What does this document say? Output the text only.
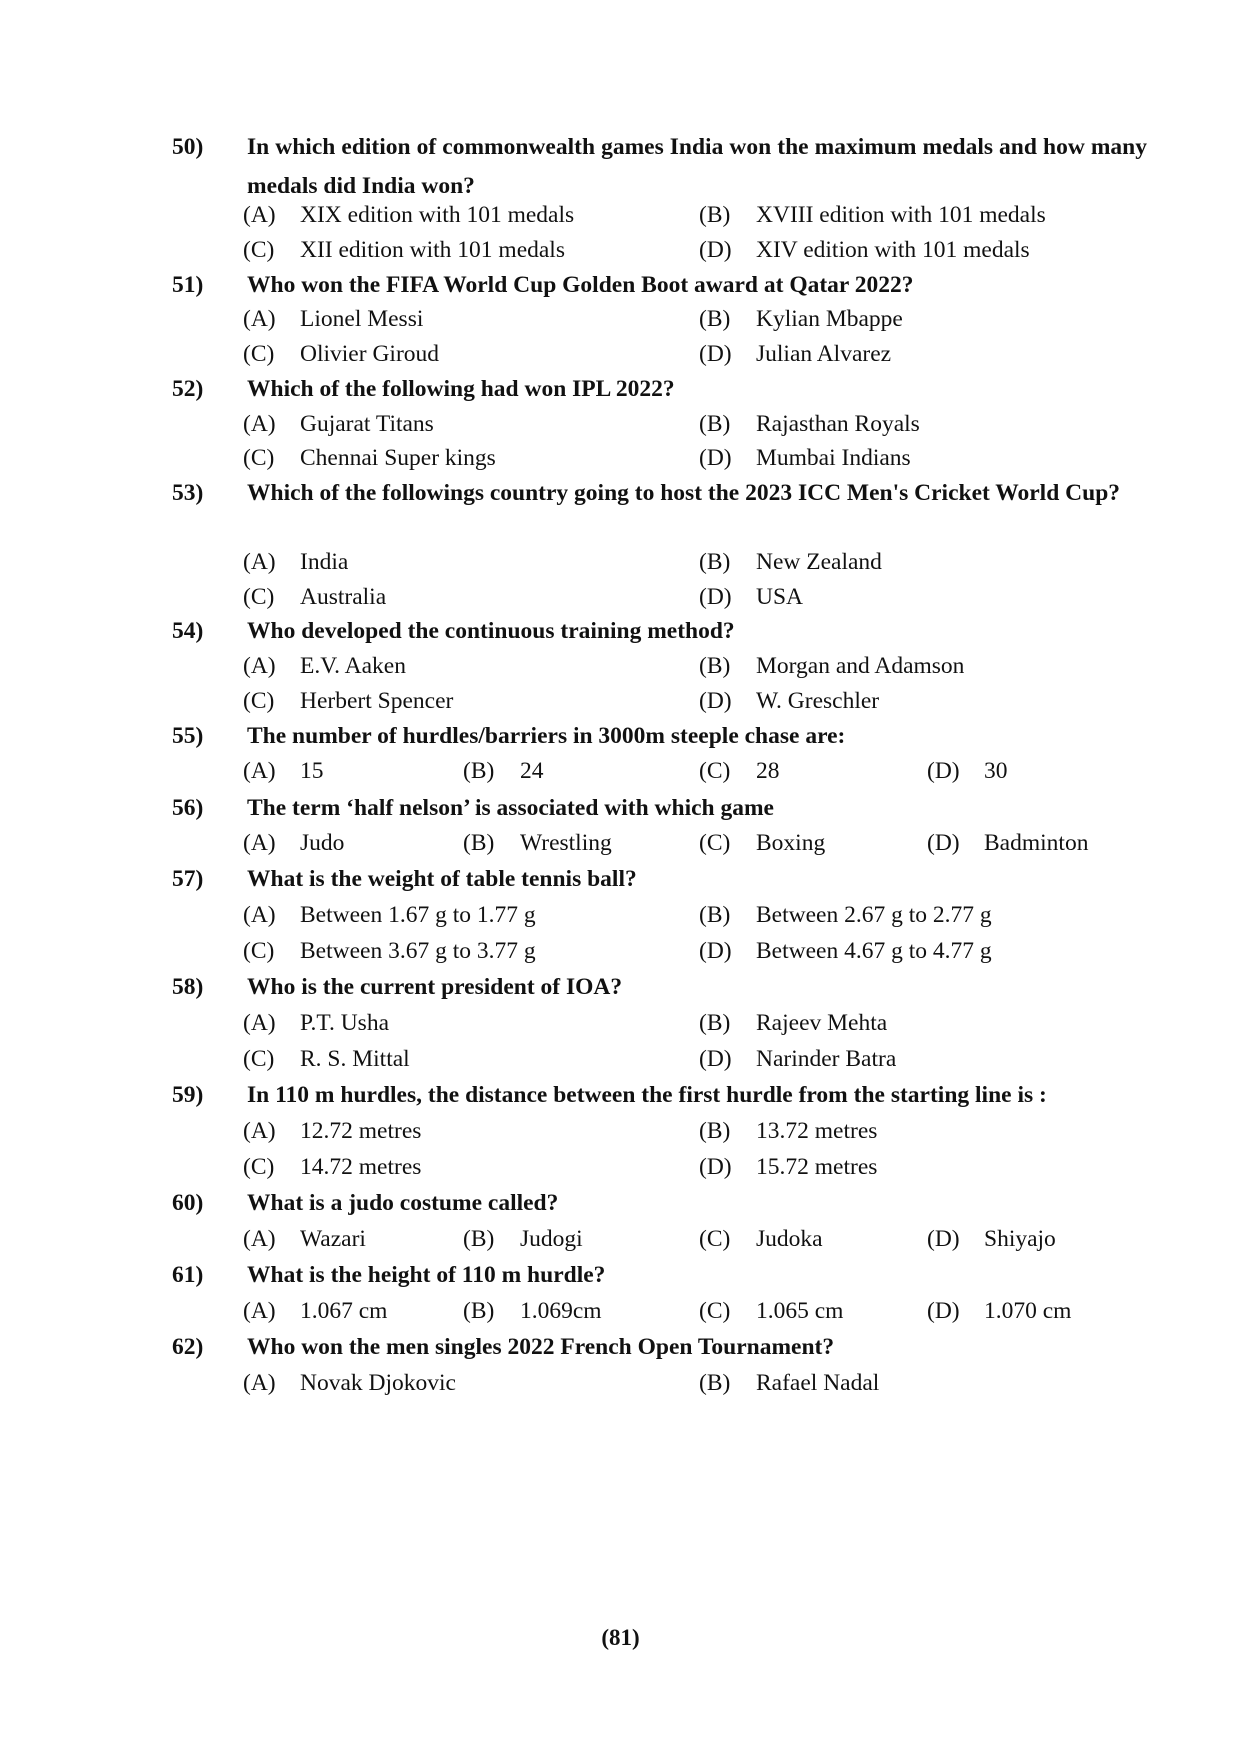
50) In which edition of commonwealth games India won the maximum medals and how many medals did India won?
(A) XIX edition with 101 medals	(B) XVIII edition with 101 medals
(C) XII edition with 101 medals	(D) XIV edition with 101 medals
51) Who won the FIFA World Cup Golden Boot award at Qatar 2022?
(A) Lionel Messi	(B) Kylian Mbappe
(C) Olivier Giroud	(D) Julian Alvarez
52) Which of the following had won IPL 2022?
(A) Gujarat Titans	(B) Rajasthan Royals
(C) Chennai Super kings	(D) Mumbai Indians
53) Which of the followings country going to host the 2023 ICC Men's Cricket World Cup?
(A) India	(B) New Zealand
(C) Australia	(D) USA
54) Who developed the continuous training method?
(A) E.V. Aaken	(B) Morgan and Adamson
(C) Herbert Spencer	(D) W. Greschler
55) The number of hurdles/barriers in 3000m steeple chase are:
(A) 15	(B) 24	(C) 28	(D) 30
56) The term ‘half nelson’ is associated with which game
(A) Judo	(B) Wrestling	(C) Boxing	(D) Badminton
57) What is the weight of table tennis ball?
(A) Between 1.67 g to 1.77 g	(B) Between 2.67 g to 2.77 g
(C) Between 3.67 g to 3.77 g	(D) Between 4.67 g to 4.77 g
58) Who is the current president of IOA?
(A) P.T. Usha	(B) Rajeev Mehta
(C) R. S. Mittal	(D) Narinder Batra
59) In 110 m hurdles, the distance between the first hurdle from the starting line is :
(A) 12.72 metres	(B) 13.72 metres
(C) 14.72 metres	(D) 15.72 metres
60) What is a judo costume called?
(A) Wazari	(B) Judogi	(C) Judoka	(D) Shiyajo
61) What is the height of 110 m hurdle?
(A) 1.067 cm	(B) 1.069cm	(C) 1.065 cm	(D) 1.070 cm
62) Who won the men singles 2022 French Open Tournament?
(A) Novak Djokovic	(B) Rafael Nadal
(81)
